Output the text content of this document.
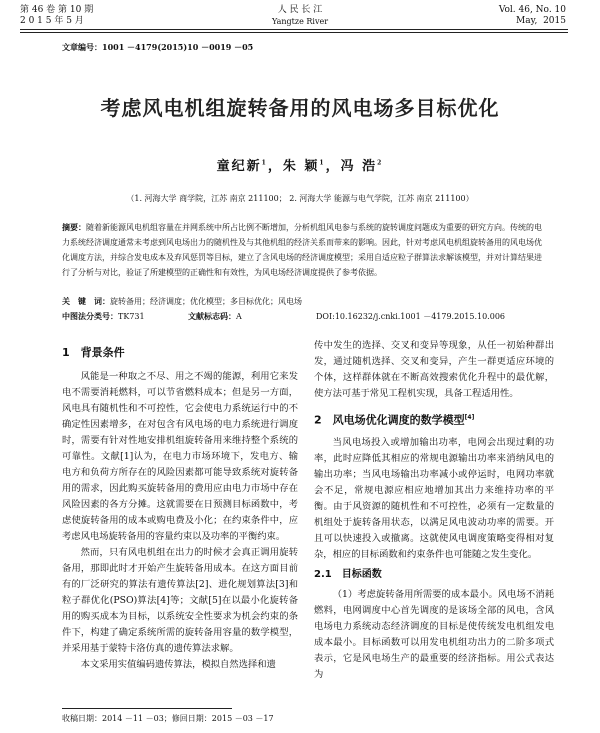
第 46 卷 第 10 期
2 0 1 5 年 5 月
人 民 长 江
Yangtze River
Vol. 46, No. 10
May,  2015
文章编号：1001 －4179(2015)10 －0019 －05
考虑风电机组旋转备用的风电场多目标优化
童纪新$^1$，朱 颖$^1$，冯 浩$^2$
（1. 河海大学 商学院，江苏 南京 211100； 2. 河海大学 能源与电气学院，江苏 南京 211100）
摘要：随着新能源风电机组容量在并网系统中所占比例不断增加，分析机组风电参与系统的旋转调度问题成为重要的研究方向。传统的电力系统经济调度通常未考虑到风电场出力的随机性及与其他机组的经济关系而带来的影响。因此，针对考虑风电机组旋转备用的风电场优化调度方法，并综合发电成本及弃风惩罚等目标，建立了含风电场的经济调度模型；采用自适应粒子群算法求解该模型，并对计算结果进行了分析与对比，验证了所建模型的正确性和有效性，为风电场经济调度提供了参考依据。
关　键　词：旋转备用；经济调度；优化模型；多目标优化；风电场
中图法分类号：TK731	文献标志码：A	DOI:10.16232/j.cnki.1001 －4179.2015.10.006
1　背景条件

风能是一种取之不尽、用之不竭的能源，利用它来发电不需要消耗燃料，可以节省燃料成本；但是另一方面，风电具有随机性和不可控性，它会使电力系统运行中的不确定性因素增多，在对包含有风电场的电力系统进行调度时，需要有针对性地安排机组旋转备用来维持整个系统的可靠性。文献[1]认为，在电力市场环境下，发电方、输电方和负荷方所存在的风险因素都可能导致系统对旋转备用的需求，因此购买旋转备用的费用应由电力市场中存在风险因素的各方分摊。这就需要在日预测目标函数中，考虑使旋转备用的成本或购电费及小化；在约束条件中，应考虑风电场旋转备用的容量约束以及功率的平衡约束。

然而，只有风电机组在出力的时候才会真正调用旋转备用，那即此时才开始产生旋转备用成本。在这方面目前有的厂泛研究的算法有遗传算法[2]、进化规划算法[3]和粒子群优化(PSO)算法[4]等；文献[5]在以最小化旋转备用的购买成本为目标，以系统安全性要求为机会约束的条件下，构建了确定系统所需的旋转备用容量的数学模型，并采用基于蒙特卡洛仿真的遗传算法求解。

本文采用实值编码遗传算法，模拟自然选择和遗

传中发生的选择、交叉和变异等现象，从任一初始种群出发，通过随机选择、交叉和变异，产生一群更适应环境的个体，这样群体就在不断高效搜索优化升程中的最优解，使方法可基于常见工程机实现，具备工程适用性。

2　风电场优化调度的数学模型[4]

当风电场投入或增加输出功率，电网会出现过剩的功率，此时应降低其相应的常规电源输出功率来消纳风电的输出功率；当风电场输出功率减小或停运时，电网功率就会不足，常规电源应相应地增加其出力来维持功率的平衡。由于风资源的随机性和不可控性，必须有一定数量的机组处于旋转备用状态，以满足风电波动功率的需要。开且可以快速投入或撤离。这就使风电调度策略变得相对复杂，相应的目标函数和约束条件也可能随之发生变化。

2.1　目标函数

（1）考虑旋转备用所需要的成本最小。风电场不消耗燃料，电网调度中心首先调度的是该场全部的风电，含风电场电力系统动态经济调度的目标是使传统发电机组发电成本最小。目标函数可以用发电机组功出力的二阶多项式表示，它是风电场生产的最重要的经济指标。用公式表达为

收稿日期：2014 －11 －03；修回日期：2015 －03 －17
